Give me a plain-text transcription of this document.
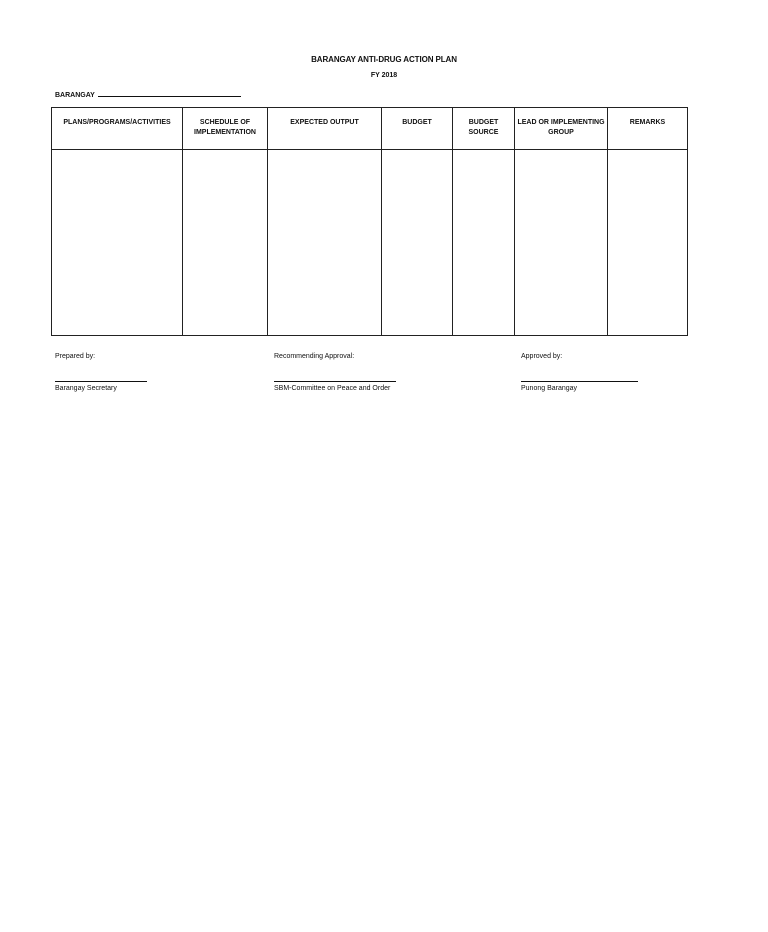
BARANGAY ANTI-DRUG ACTION PLAN
FY 2018
BARANGAY
PLANS/PROGRAMS/ACTIVITIES	SCHEDULE OF IMPLEMENTATION	EXPECTED OUTPUT	BUDGET	BUDGET SOURCE	LEAD OR IMPLEMENTING GROUP	REMARKS

Prepared by:
Barangay Secretary
Recommending Approval:
SBM-Committee on Peace and Order
Approved by:
Punong Barangay
